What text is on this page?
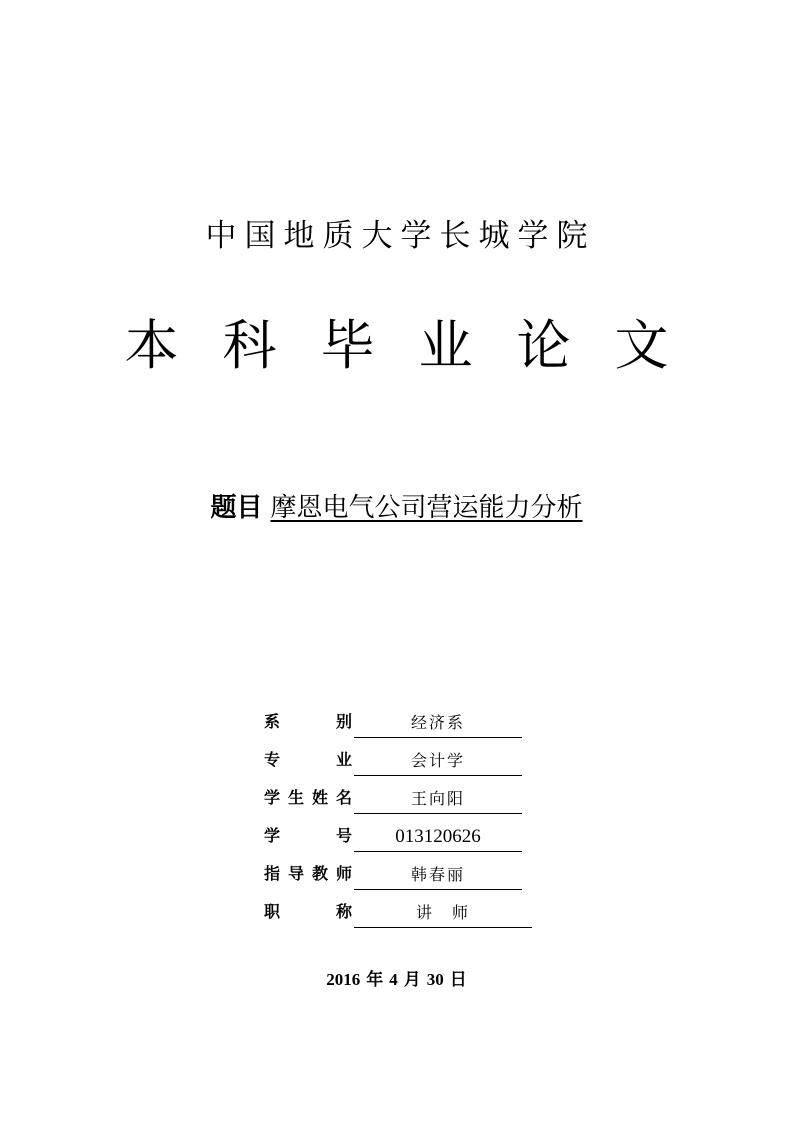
中国地质大学长城学院
本科毕业论文
题目 摩恩电气公司营运能力分析
系	别	经济系
专	业	会计学
学 生 姓 名	王向阳
学	号	013120626
指 导 教 师	韩春丽
职	称	讲　师
2016 年 4 月 30 日
